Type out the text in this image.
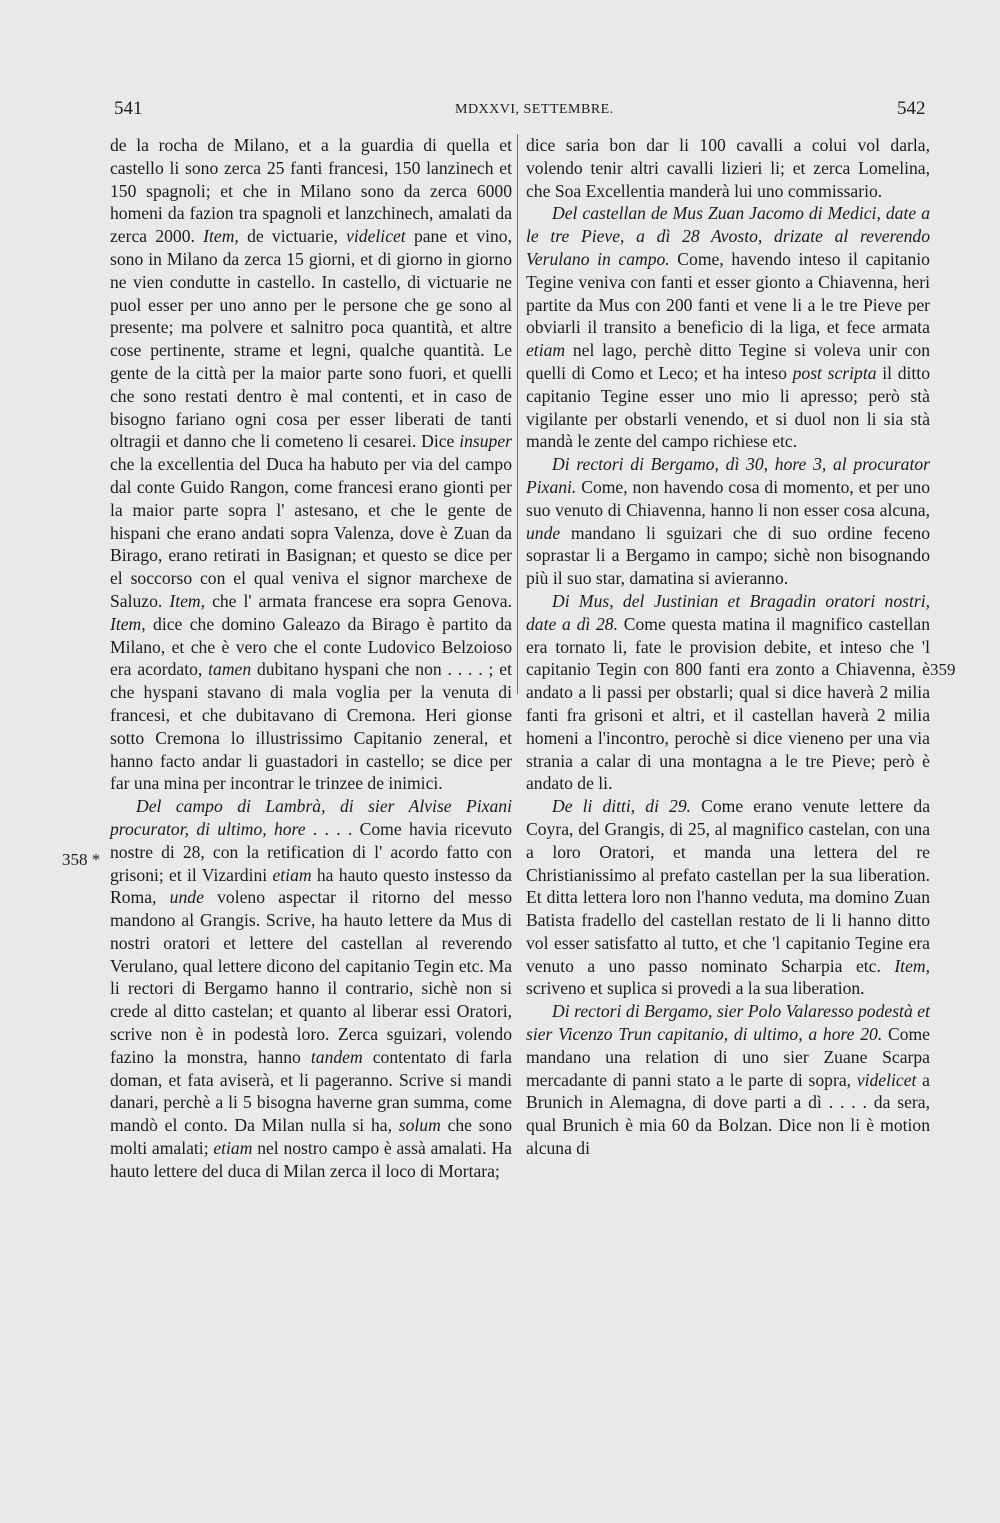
541	MDXXVI, SETTEMBRE.	542

de la rocha de Milano, et a la guardia di quella et castello li sono zerca 25 fanti francesi, 150 lanzinech et 150 spagnoli; et che in Milano sono da zerca 6000 homeni da fazion tra spagnoli et lanzchinech, amalati da zerca 2000. Item, de victuarie, videlicet pane et vino, sono in Milano da zerca 15 giorni, et di giorno in giorno ne vien condutte in castello. In castello, di victuarie ne puol esser per uno anno per le persone che ge sono al presente; ma polvere et salnitro poca quantità, et altre cose pertinente, strame et legni, qualche quantità. Le gente de la città per la maior parte sono fuori, et quelli che sono restati dentro è mal contenti, et in caso de bisogno fariano ogni cosa per esser liberati de tanti oltragii et danno che li cometeno li cesarei. Dice insuper che la excellentia del Duca ha habuto per via del campo dal conte Guido Rangon, come francesi erano gionti per la maior parte sopra l' astesano, et che le gente de hispani che erano andati sopra Valenza, dove è Zuan da Birago, erano retirati in Basignan; et questo se dice per el soccorso con el qual veniva el signor marchexe de Saluzo. Item, che l' armata francese era sopra Genova. Item, dice che domino Galeazo da Birago è partito da Milano, et che è vero che el conte Ludovico Belzoioso era acordato, tamen dubitano hyspani che non . . . . ; et che hyspani stavano di mala voglia per la venuta di francesi, et che dubitavano di Cremona. Heri gionse sotto Cremona lo illustrissimo Capitanio zeneral, et hanno facto andar li guastadori in castello; se dice per far una mina per incontrar le trinzee de inimici.

Del campo di Lambrà, di sier Alvise Pixani procurator, di ultimo, hore . . . . Come havia ricevuto nostre di 28, con la retification di l' acordo fatto con grisoni; et il Vizardini etiam ha hauto questo instesso da Roma, unde voleno aspectar il ritorno del messo mandono al Grangis. Scrive, ha hauto lettere da Mus di nostri oratori et lettere del castellan al reverendo Verulano, qual lettere dicono del capitanio Tegin etc. Ma li rectori di Bergamo hanno il contrario, sichè non si crede al ditto castelan; et quanto al liberar essi Oratori, scrive non è in podestà loro. Zerca sguizari, volendo fazino la monstra, hanno tandem contentato di farla doman, et fata aviserà, et li pageranno. Scrive si mandi danari, perchè a li 5 bisogna haverne gran summa, come mandò el conto. Da Milan nulla si ha, solum che sono molti amalati; etiam nel nostro campo è assà amalati. Ha hauto lettere del duca di Milan zerca il loco di Mortara;

dice saria bon dar li 100 cavalli a colui vol darla, volendo tenir altri cavalli lizieri li; et zerca Lomelina, che Soa Excellentia manderà lui uno commissario.

Del castellan de Mus Zuan Jacomo di Medici, date a le tre Pieve, a dì 28 Avosto, drizate al reverendo Verulano in campo. Come, havendo inteso il capitanio Tegine veniva con fanti et esser gionto a Chiavenna, heri partite da Mus con 200 fanti et vene li a le tre Pieve per obviarli il transito a beneficio di la liga, et fece armata etiam nel lago, perchè ditto Tegine si voleva unir con quelli di Como et Leco; et ha inteso post scripta il ditto capitanio Tegine esser uno mio li apresso; però stà vigilante per obstarli venendo, et si duol non li sia stà mandà le zente del campo richiese etc.

Di rectori di Bergamo, dì 30, hore 3, al procurator Pixani. Come, non havendo cosa di momento, et per uno suo venuto di Chiavenna, hanno li non esser cosa alcuna, unde mandano li sguizari che di suo ordine feceno soprastar li a Bergamo in campo; sichè non bisognando più il suo star, damatina si avieranno.

Di Mus, del Justinian et Bragadin oratori nostri, date a dì 28. Come questa matina il magnifico castellan era tornato li, fate le provision debite, et inteso che 'l capitanio Tegin con 800 fanti era zonto a Chiavenna, è andato a li passi per obstarli; qual si dice haverà 2 milia fanti fra grisoni et altri, et il castellan haverà 2 milia homeni a l'incontro, perochè si dice vieneno per una via strania a calar di una montagna a le tre Pieve; però è andato de li.

De li ditti, di 29. Come erano venute lettere da Coyra, del Grangis, di 25, al magnifico castelan, con una a loro Oratori, et manda una lettera del re Christianissimo al prefato castellan per la sua liberation. Et ditta lettera loro non l'hanno veduta, ma domino Zuan Batista fradello del castellan restato de li li hanno ditto vol esser satisfatto al tutto, et che 'l capitanio Tegine era venuto a uno passo nominato Scharpia etc. Item, scriveno et suplica si provedi a la sua liberation.

Di rectori di Bergamo, sier Polo Valaresso podestà et sier Vicenzo Trun capitanio, di ultimo, a hore 20. Come mandano una relation di uno sier Zuane Scarpa mercadante di panni stato a le parte di sopra, videlicet a Brunich in Alemagna, di dove parti a dì . . . . da sera, qual Brunich è mia 60 da Bolzan. Dice non li è motion alcuna di

358 *
359
